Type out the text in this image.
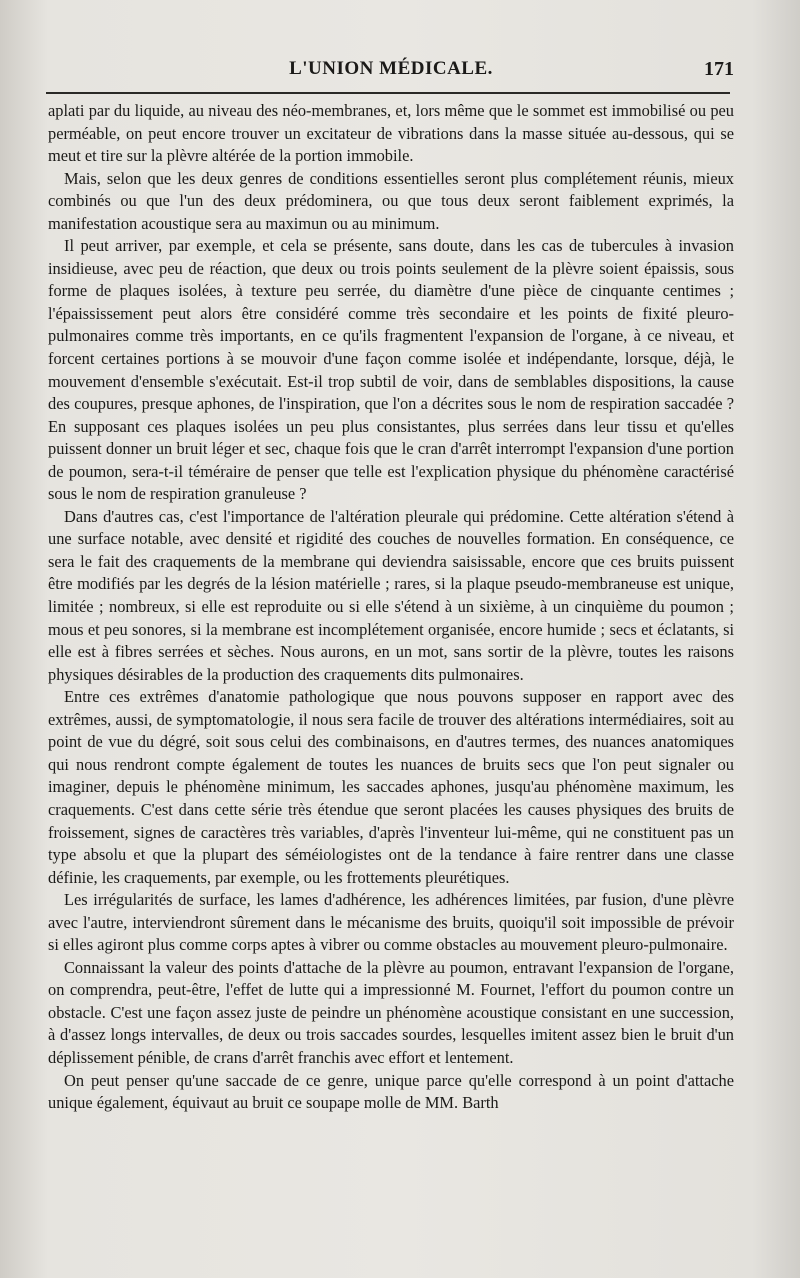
L'UNION MÉDICALE.	171

aplati par du liquide, au niveau des néo-membranes, et, lors même que le sommet est immobilisé ou peu perméable, on peut encore trouver un excitateur de vibrations dans la masse située au-dessous, qui se meut et tire sur la plèvre altérée de la portion immobile.

Mais, selon que les deux genres de conditions essentielles seront plus complétement réunis, mieux combinés ou que l'un des deux prédominera, ou que tous deux seront faiblement exprimés, la manifestation acoustique sera au maximun ou au minimum.

Il peut arriver, par exemple, et cela se présente, sans doute, dans les cas de tubercules à invasion insidieuse, avec peu de réaction, que deux ou trois points seulement de la plèvre soient épaissis, sous forme de plaques isolées, à texture peu serrée, du diamètre d'une pièce de cinquante centimes ; l'épaississement peut alors être considéré comme très secondaire et les points de fixité pleuro-pulmonaires comme très importants, en ce qu'ils fragmentent l'expansion de l'organe, à ce niveau, et forcent certaines portions à se mouvoir d'une façon comme isolée et indépendante, lorsque, déjà, le mouvement d'ensemble s'exécutait. Est-il trop subtil de voir, dans de semblables dispositions, la cause des coupures, presque aphones, de l'inspiration, que l'on a décrites sous le nom de respiration saccadée ? En supposant ces plaques isolées un peu plus consistantes, plus serrées dans leur tissu et qu'elles puissent donner un bruit léger et sec, chaque fois que le cran d'arrêt interrompt l'expansion d'une portion de poumon, sera-t-il téméraire de penser que telle est l'explication physique du phénomène caractérisé sous le nom de respiration granuleuse ?

Dans d'autres cas, c'est l'importance de l'altération pleurale qui prédomine. Cette altération s'étend à une surface notable, avec densité et rigidité des couches de nouvelles formation. En conséquence, ce sera le fait des craquements de la membrane qui deviendra saisissable, encore que ces bruits puissent être modifiés par les degrés de la lésion matérielle ; rares, si la plaque pseudo-membraneuse est unique, limitée ; nombreux, si elle est reproduite ou si elle s'étend à un sixième, à un cinquième du poumon ; mous et peu sonores, si la membrane est incomplétement organisée, encore humide ; secs et éclatants, si elle est à fibres serrées et sèches. Nous aurons, en un mot, sans sortir de la plèvre, toutes les raisons physiques désirables de la production des craquements dits pulmonaires.

Entre ces extrêmes d'anatomie pathologique que nous pouvons supposer en rapport avec des extrêmes, aussi, de symptomatologie, il nous sera facile de trouver des altérations intermédiaires, soit au point de vue du dégré, soit sous celui des combinaisons, en d'autres termes, des nuances anatomiques qui nous rendront compte également de toutes les nuances de bruits secs que l'on peut signaler ou imaginer, depuis le phénomène minimum, les saccades aphones, jusqu'au phénomène maximum, les craquements. C'est dans cette série très étendue que seront placées les causes physiques des bruits de froissement, signes de caractères très variables, d'après l'inventeur lui-même, qui ne constituent pas un type absolu et que la plupart des séméiologistes ont de la tendance à faire rentrer dans une classe définie, les craquements, par exemple, ou les frottements pleurétiques.

Les irrégularités de surface, les lames d'adhérence, les adhérences limitées, par fusion, d'une plèvre avec l'autre, interviendront sûrement dans le mécanisme des bruits, quoiqu'il soit impossible de prévoir si elles agiront plus comme corps aptes à vibrer ou comme obstacles au mouvement pleuro-pulmonaire.

Connaissant la valeur des points d'attache de la plèvre au poumon, entravant l'expansion de l'organe, on comprendra, peut-être, l'effet de lutte qui a impressionné M. Fournet, l'effort du poumon contre un obstacle. C'est une façon assez juste de peindre un phénomène acoustique consistant en une succession, à d'assez longs intervalles, de deux ou trois saccades sourdes, lesquelles imitent assez bien le bruit d'un déplissement pénible, de crans d'arrêt franchis avec effort et lentement.

On peut penser qu'une saccade de ce genre, unique parce qu'elle correspond à un point d'attache unique également, équivaut au bruit ce soupape molle de MM. Barth
